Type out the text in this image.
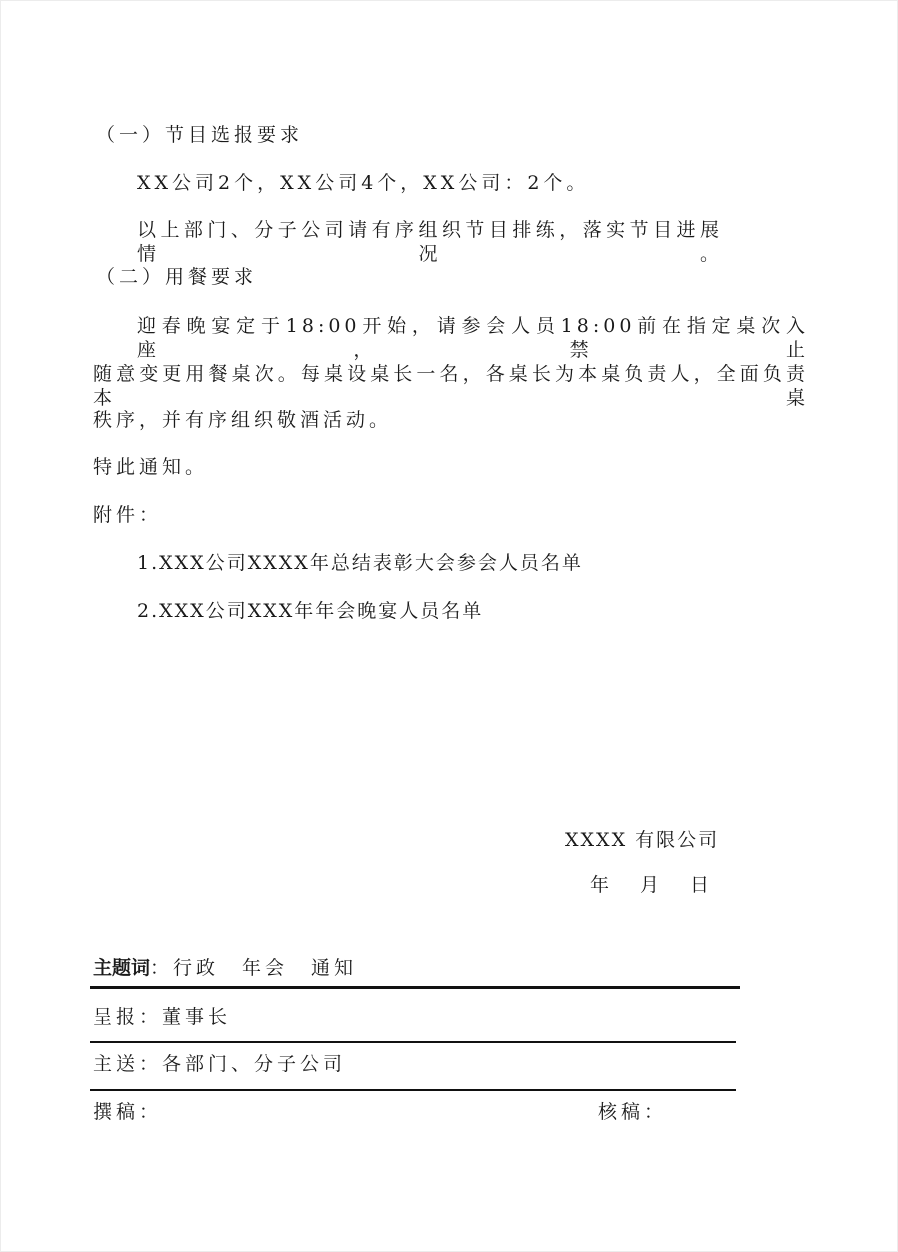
（一）节目选报要求
XX公司2个，XX公司4个，XX公司：2个。
以上部门、分子公司请有序组织节目排练，落实节目进展情况。
（二）用餐要求
迎春晚宴定于18:00开始，请参会人员18:00前在指定桌次入座，禁止
随意变更用餐桌次。每桌设桌长一名，各桌长为本桌负责人，全面负责本桌
秩序，并有序组织敬酒活动。
特此通知。
附件：
1.XXX公司XXXX年总结表彰大会参会人员名单
2.XXX公司XXX年年会晚宴人员名单
XXXX 有限公司
年　月　日
主题词：行政　年会　通知
呈报：董事长
主送：各部门、分子公司
撰稿：	核稿：
